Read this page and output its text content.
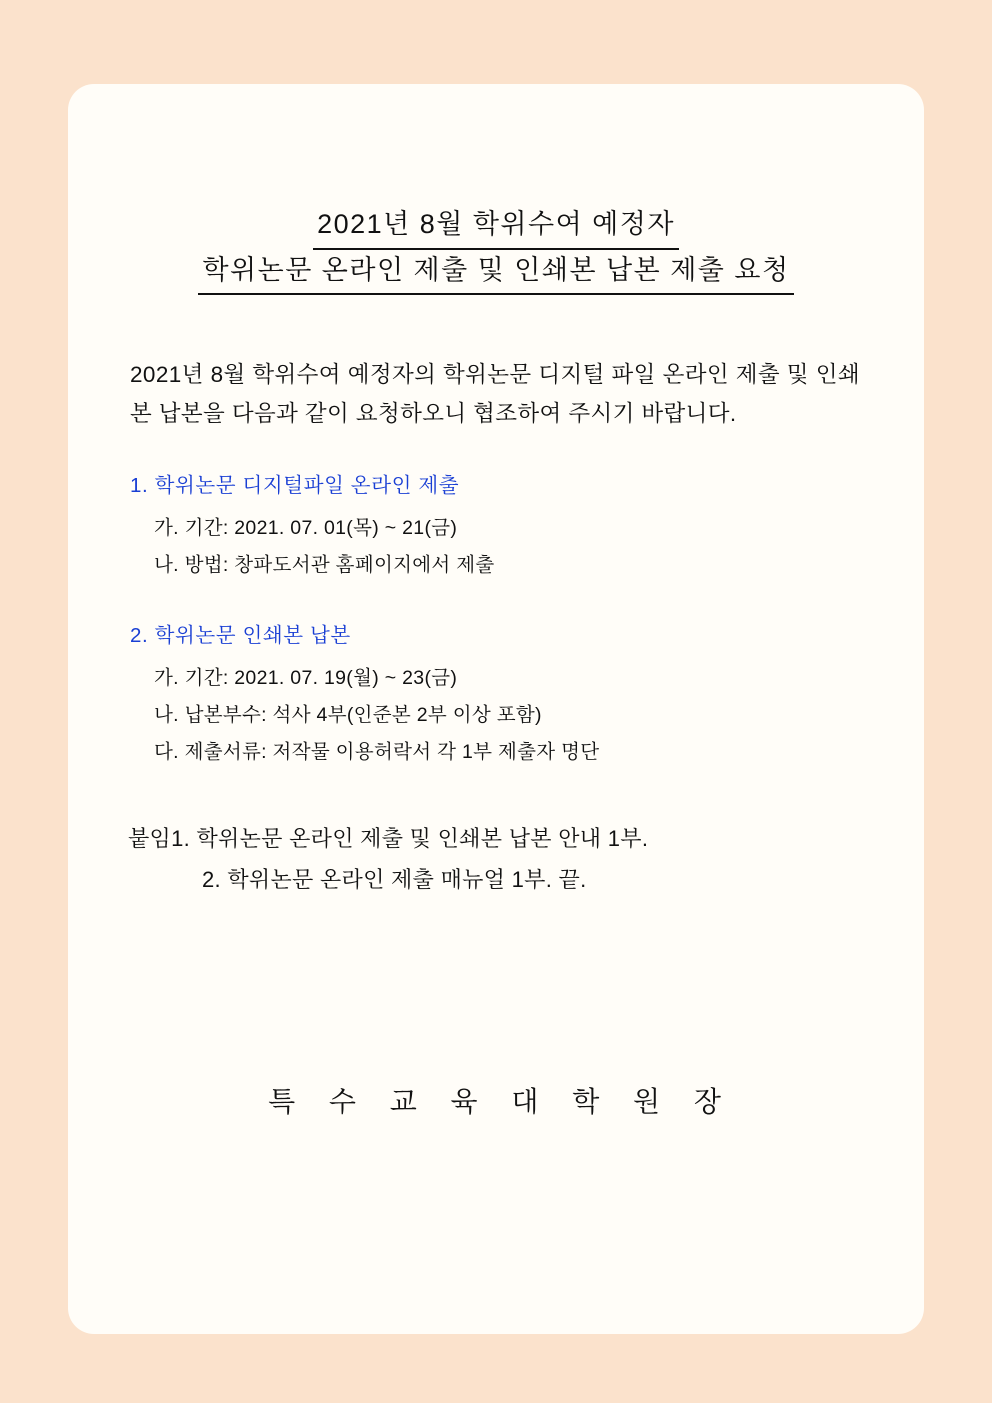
2021년 8월 학위수여 예정자
학위논문 온라인 제출 및 인쇄본 납본 제출 요청

2021년 8월 학위수여 예정자의 학위논문 디지털 파일 온라인 제출 및 인쇄본 납본을 다음과 같이 요청하오니 협조하여 주시기 바랍니다.

1. 학위논문 디지털파일 온라인 제출
가. 기간: 2021. 07. 01(목) ~ 21(금)
나. 방법: 창파도서관 홈페이지에서 제출
2. 학위논문 인쇄본 납본
가. 기간: 2021. 07. 19(월) ~ 23(금)
나. 납본부수: 석사 4부(인준본 2부 이상 포함)
다. 제출서류: 저작물 이용허락서 각 1부 제출자 명단
붙임1. 학위논문 온라인 제출 및 인쇄본 납본 안내 1부.
2. 학위논문 온라인 제출 매뉴얼 1부. 끝.
특 수 교 육 대 학 원 장
